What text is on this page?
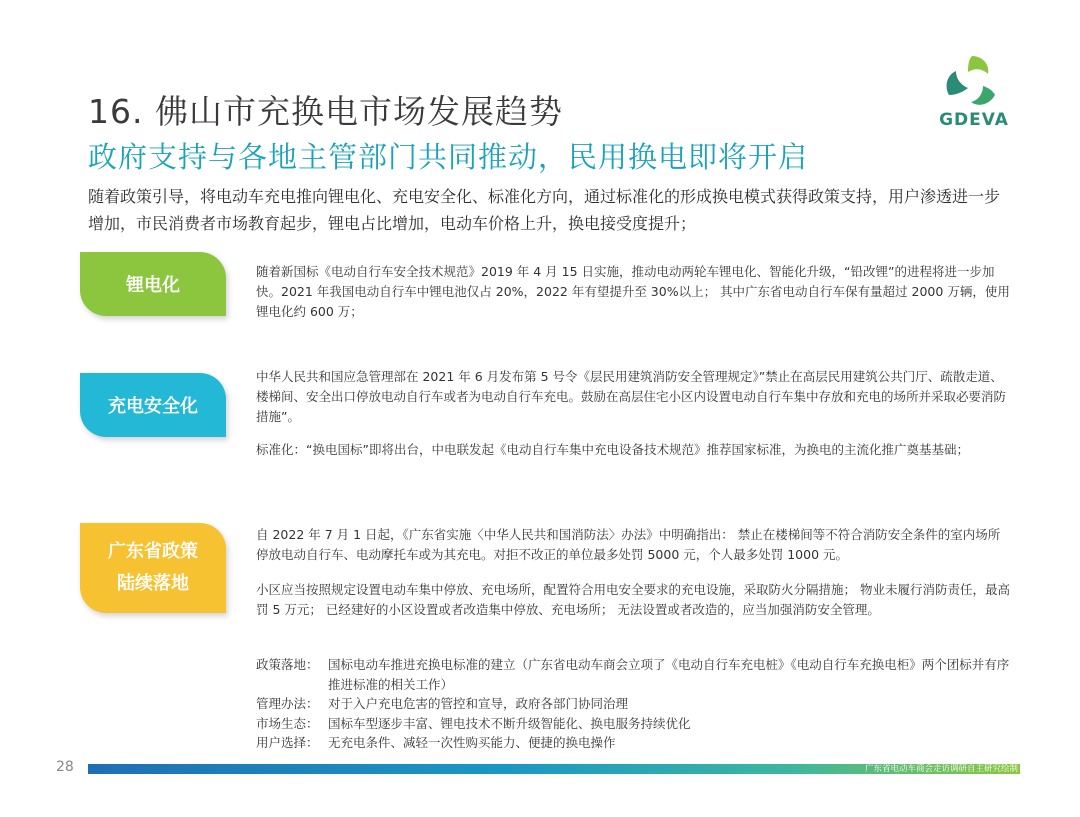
16. 佛山市充换电市场发展趋势
政府支持与各地主管部门共同推动，民用换电即将开启
GDEVA
随着政策引导，将电动车充电推向锂电化、充电安全化、标准化方向，通过标准化的形成换电模式获得政策支持，用户渗透进一步增加，市民消费者市场教育起步，锂电占比增加，电动车价格上升，换电接受度提升；
锂电化
随着新国标《电动自行车安全技术规范》2019 年 4 月 15 日实施，推动电动两轮车锂电化、智能化升级，“铅改锂”的进程将进一步加快。2021 年我国电动自行车中锂电池仅占 20%，2022 年有望提升至 30%以上； 其中广东省电动自行车保有量超过 2000 万辆，使用锂电化约 600 万；
充电安全化
中华人民共和国应急管理部在 2021 年 6 月发布第 5 号令《层民用建筑消防安全管理规定》”禁止在高层民用建筑公共门厅、疏散走道、楼梯间、安全出口停放电动自行车或者为电动自行车充电。鼓励在高层住宅小区内设置电动自行车集中存放和充电的场所并采取必要消防措施”。
标准化：“换电国标”即将出台，中电联发起《电动自行车集中充电设备技术规范》推荐国家标准，为换电的主流化推广奠基基础；
广东省政策
陆续落地
自 2022 年 7 月 1 日起，《广东省实施〈中华人民共和国消防法〉办法》中明确指出： 禁止在楼梯间等不符合消防安全条件的室内场所停放电动自行车、电动摩托车或为其充电。对拒不改正的单位最多处罚 5000 元，个人最多处罚 1000 元。
小区应当按照规定设置电动车集中停放、充电场所，配置符合用电安全要求的充电设施，采取防火分隔措施； 物业未履行消防责任，最高罚 5 万元； 已经建好的小区设置或者改造集中停放、充电场所； 无法设置或者改造的，应当加强消防安全管理。
政策落地： 国标电动车推进充换电标准的建立（广东省电动车商会立项了《电动自行车充电桩》《电动自行车充换电柜》两个团标并有序推进标准的相关工作）
管理办法： 对于入户充电危害的管控和宣导，政府各部门协同治理
市场生态： 国标车型逐步丰富、锂电技术不断升级智能化、换电服务持续优化
用户选择： 无充电条件、减轻一次性购买能力、便捷的换电操作
28	广东省电动车商会走访调研自主研究绘制
